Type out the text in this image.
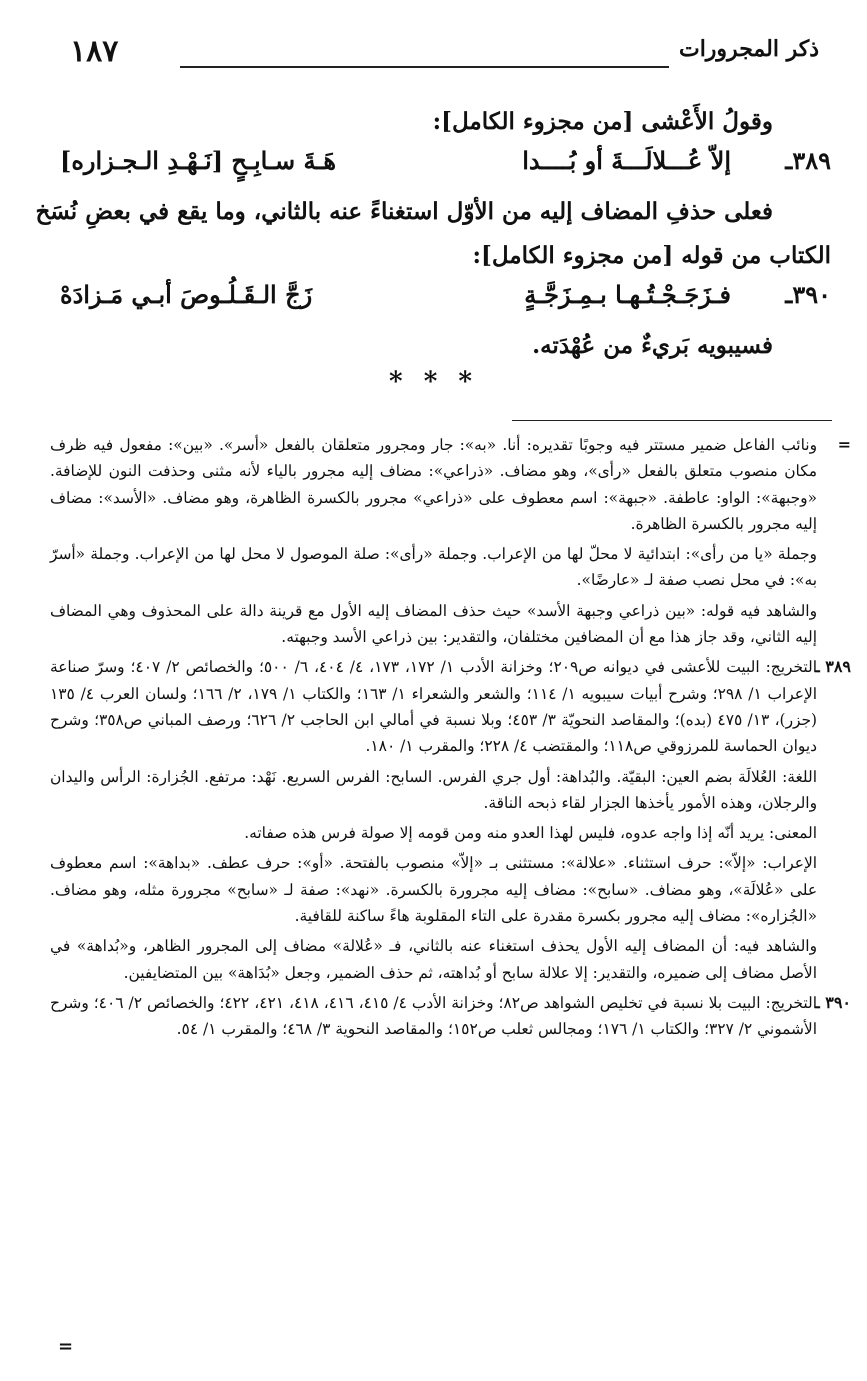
ذكر المجرورات
١٨٧
وقولُ الأَعْشى [من مجزوء الكامل]:
٣٨٩ـ
إلاّ عُـــلالَـــةَ أو بُــــدا
هَـةَ سـابِـحٍ [نَـهْـدِ الـجـزاره]
فعلى حذفِ المضاف إليه من الأوّل استغناءً عنه بالثاني، وما يقع في بعضِ نُسَخ
الكتاب من قوله [من مجزوء الكامل]:
٣٩٠ـ
فـزَجَـجْـتُـهـا بـمِـزَجَّـةٍ
زَجَّ الـقَـلُـوصَ أبـي مَـزادَهْ
فسيبويه بَريءٌ من عُهْدَته.
* * *
=

ونائب الفاعل ضمير مستتر فيه وجوبًا تقديره: أنا. «به»: جار ومجرور متعلقان بالفعل «أسر». «بين»: مفعول فيه ظرف مكان منصوب متعلق بالفعل «رأى»، وهو مضاف. «ذراعي»: مضاف إليه مجرور بالياء لأنه مثنى وحذفت النون للإضافة. «وجبهة»: الواو: عاطفة. «جبهة»: اسم معطوف على «ذراعي» مجرور بالكسرة الظاهرة، وهو مضاف. «الأسد»: مضاف إليه مجرور بالكسرة الظاهرة.

وجملة «يا من رأى»: ابتدائية لا محلّ لها من الإعراب. وجملة «رأى»: صلة الموصول لا محل لها من الإعراب. وجملة «أسرّ به»: في محل نصب صفة لـ «عارضًا».

والشاهد فيه قوله: «بين ذراعي وجبهة الأسد» حيث حذف المضاف إليه الأول مع قرينة دالة على المحذوف وهي المضاف إليه الثاني، وقد جاز هذا مع أن المضافين مختلفان، والتقدير: بين ذراعي الأسد وجبهته.

٣٨٩ ـ

التخريج: البيت للأعشى في ديوانه ص٢٠٩؛ وخزانة الأدب ١/ ١٧٢، ١٧٣، ٤/ ٤٠٤، ٦/ ٥٠٠؛ والخصائص ٢/ ٤٠٧؛ وسرّ صناعة الإعراب ١/ ٢٩٨؛ وشرح أبيات سيبويه ١/ ١١٤؛ والشعر والشعراء ١/ ١٦٣؛ والكتاب ١/ ١٧٩، ٢/ ١٦٦؛ ولسان العرب ٤/ ١٣٥ (جزر)، ١٣/ ٤٧٥ (بده)؛ والمقاصد النحويّة ٣/ ٤٥٣؛ وبلا نسبة في أمالي ابن الحاجب ٢/ ٦٢٦؛ ورصف المباني ص٣٥٨؛ وشرح ديوان الحماسة للمرزوقي ص١١٨؛ والمقتضب ٤/ ٢٢٨؛ والمقرب ١/ ١٨٠.

اللغة: العُلالَة بضم العين: البقيّة. والبُداهة: أول جري الفرس. السابح: الفرس السريع. نَهْد: مرتفع. الجُزارة: الرأس واليدان والرجلان، وهذه الأمور يأخذها الجزار لقاء ذبحه الناقة.

المعنى: يريد أنّه إذا واجه عدوه، فليس لهذا العدو منه ومن قومه إلا صولة فرس هذه صفاته.

الإعراب: «إلاّ»: حرف استثناء. «علالة»: مستثنى بـ «إلاّ» منصوب بالفتحة. «أو»: حرف عطف. «بداهة»: اسم معطوف على «عُلالَة»، وهو مضاف. «سابح»: مضاف إليه مجرورة بالكسرة. «نهد»: صفة لـ «سابح» مجرورة مثله، وهو مضاف. «الجُزاره»: مضاف إليه مجرور بكسرة مقدرة على التاء المقلوبة هاءً ساكنة للقافية.

والشاهد فيه: أن المضاف إليه الأول يحذف استغناء عنه بالثاني، فـ «عُلالة» مضاف إلى المجرور الظاهر، و«بُداهة» في الأصل مضاف إلى ضميره، والتقدير: إلا علالة سابح أو بُداهته، ثم حذف الضمير، وجعل «بُدَاهة» بين المتضايفين.

٣٩٠ ـ

التخريج: البيت بلا نسبة في تخليص الشواهد ص٨٢؛ وخزانة الأدب ٤/ ٤١٥، ٤١٦، ٤١٨، ٤٢١، ٤٢٢؛ والخصائص ٢/ ٤٠٦؛ وشرح الأشموني ٢/ ٣٢٧؛ والكتاب ١/ ١٧٦؛ ومجالس ثعلب ص١٥٢؛ والمقاصد النحوية ٣/ ٤٦٨؛ والمقرب ١/ ٥٤.

=
